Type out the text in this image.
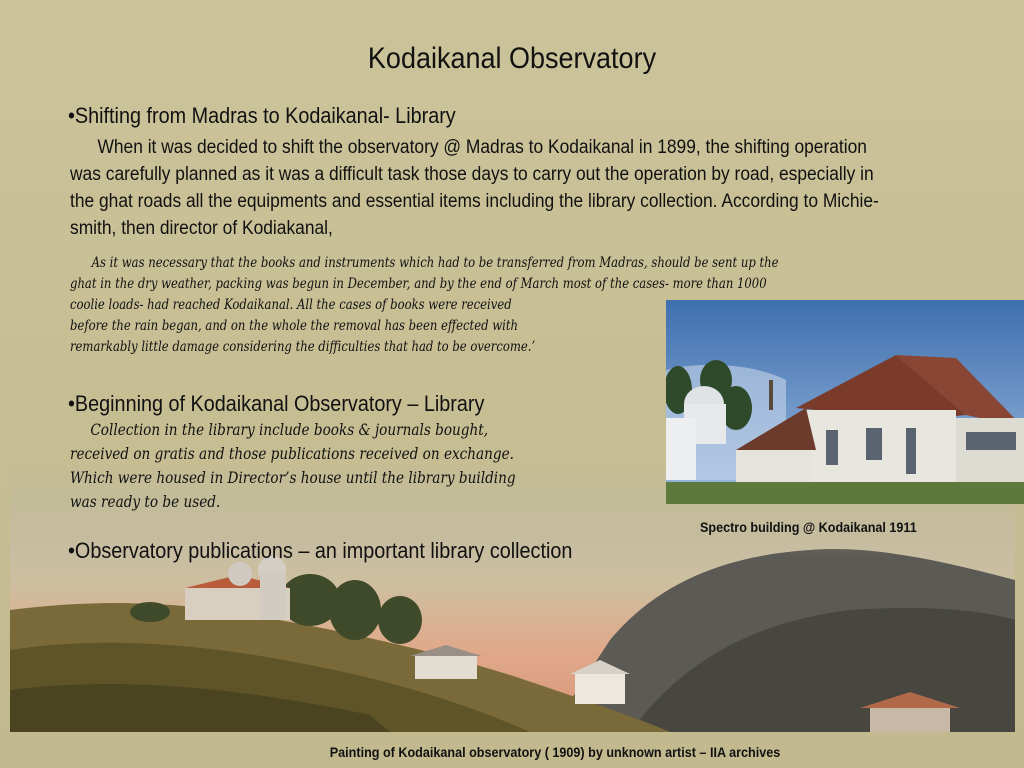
Kodaikanal Observatory
•Shifting from Madras to Kodaikanal- Library
When it was decided to shift the observatory @ Madras to Kodaikanal in 1899, the shifting operation
was carefully planned as it was a difficult task those days to carry out the operation by road, especially in
the ghat roads all the equipments and essential items including the library collection. According to Michie-
smith, then director of Kodiakanal,
As it was necessary that the books and instruments which had to be transferred from Madras, should be sent up the
ghat in the dry weather, packing was begun in December, and by the end of March most of the cases- more than 1000
coolie loads- had reached Kodaikanal. All the cases of books were received
before the rain began, and on the whole the removal has been effected with
remarkably little damage considering the difficulties that had to be overcome.’
•Beginning of Kodaikanal Observatory – Library
Collection in the library include books & journals bought,
received on gratis and those publications received on exchange.
Which were housed in Director’s house until the library building
was ready to be used.
•Observatory publications – an important library collection
Spectro building @ Kodaikanal 1911
Painting of Kodaikanal observatory ( 1909) by unknown artist – IIA archives
